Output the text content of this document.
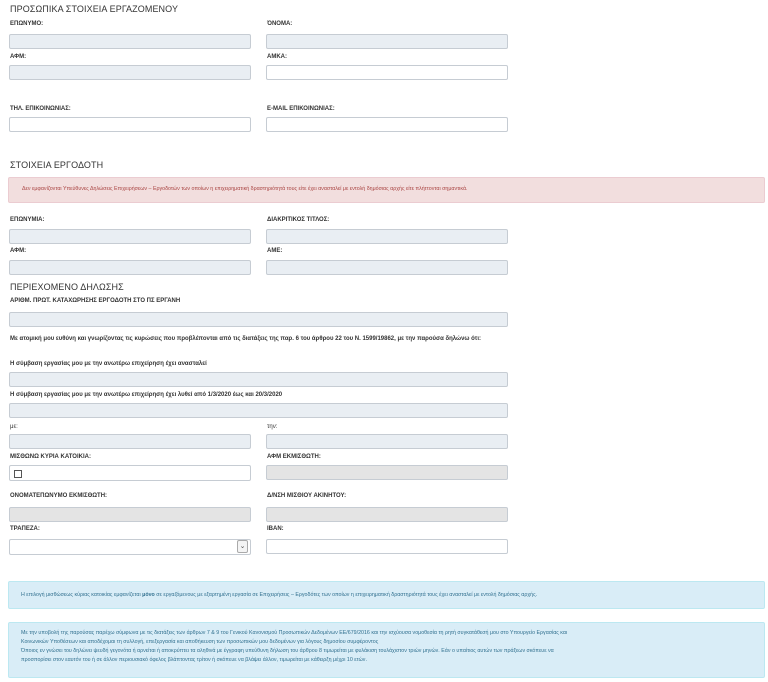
ΠΡΟΣΩΠΙΚΑ ΣΤΟΙΧΕΙΑ ΕΡΓΑΖΟΜΕΝΟΥ
ΕΠΩΝΥΜΟ:	ΌΝΟΜΑ:
ΑΦΜ:	ΑΜΚΑ:
ΤΗΛ. ΕΠΙΚΟΙΝΩΝΙΑΣ:	E-MAIL ΕΠΙΚΟΙΝΩΝΙΑΣ:
ΣΤΟΙΧΕΙΑ ΕΡΓΟΔΟΤΗ
Δεν εμφανίζονται Υπεύθυνες Δηλώσεις Επιχειρήσεων – Εργοδοτών των οποίων η επιχειρηματική δραστηριότητά τους είτε έχει ανασταλεί με εντολή δημόσιας αρχής είτε πλήττονται σημαντικά.
ΕΠΩΝΥΜΙΑ:	ΔΙΑΚΡΙΤΙΚΟΣ ΤΙΤΛΟΣ:
ΑΦΜ:	ΑΜΕ:
ΠΕΡΙΕΧΟΜΕΝΟ ΔΗΛΩΣΗΣ
ΑΡΙΘΜ. ΠΡΩΤ. ΚΑΤΑΧΩΡΗΣΗΣ ΕΡΓΟΔΟΤΗ ΣΤΟ ΠΣ ΕΡΓΑΝΗ
Με ατομική μου ευθύνη και γνωρίζοντας τις κυρώσεις που προβλέπονται από τις διατάξεις της παρ. 6 του άρθρου 22 του Ν. 1599/19862, με την παρούσα δηλώνω ότι:
Η σύμβαση εργασίας μου με την ανωτέρω επιχείρηση έχει ανασταλεί
Η σύμβαση εργασίας μου με την ανωτέρω επιχείρηση έχει λυθεί από 1/3/2020 έως και 20/3/2020
με:	την:
ΜΙΣΘΩΝΩ ΚΥΡΙΑ ΚΑΤΟΙΚΙΑ:	ΑΦΜ ΕΚΜΙΣΘΩΤΗ:
ΟΝΟΜΑΤΕΠΩΝΥΜΟ ΕΚΜΙΣΘΩΤΗ:	Δ/ΝΣΗ ΜΙΣΘΙΟΥ ΑΚΙΝΗΤΟΥ:
ΤΡΑΠΕΖΑ:	IBAN:
⌄
Η επιλογή μισθώσεως κύριας κατοικίας εμφανίζεται μόνο σε εργαζόμενους με εξαρτημένη εργασία σε Επιχειρήσεις – Εργοδότες των οποίων η επιχειρηματική δραστηριότητά τους έχει ανασταλεί με εντολή δημόσιας αρχής.
Με την υποβολή της παρούσας παρέχω σύμφωνα με τις διατάξεις των άρθρων 7 & 9 του Γενικού Κανονισμού Προσωπικών Δεδομένων ΕΕ/679/2016 και την ισχύουσα νομοθεσία τη ρητή συγκατάθεσή μου στο Υπουργείο Εργασίας και
Κοινωνικών Υποθέσεων και αποδέχομαι τη συλλογή, επεξεργασία και αποθήκευση των προσωπικών μου δεδομένων για λόγους δημοσίου συμφέροντος
Όποιος εν γνώσει του δηλώνει ψευδή γεγονότα ή αρνείται ή αποκρύπτει τα αληθινά με έγγραφη υπεύθυνη δήλωση του άρθρου 8 τιμωρείται με φυλάκιση τουλάχιστον τριών μηνών. Εάν ο υπαίτιος αυτών των πράξεων σκόπευε να
προσπορίσει στον εαυτόν του ή σε άλλον περιουσιακό όφελος βλάπτοντας τρίτον ή σκόπευε να βλάψει άλλον, τιμωρείται με κάθειρξη μέχρι 10 ετών.
